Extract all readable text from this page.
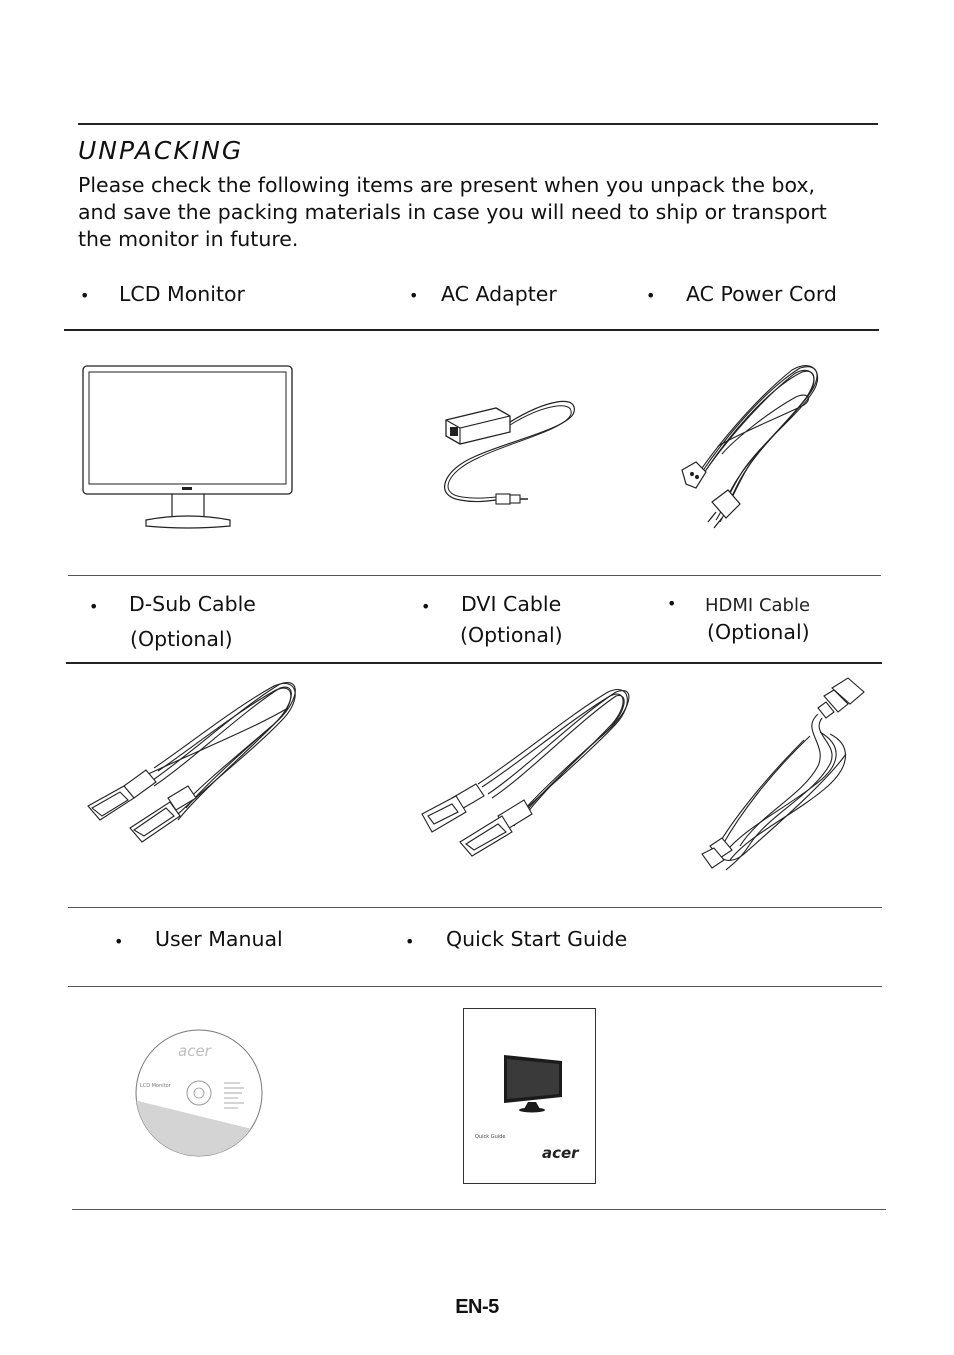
UNPACKING

Please check the following items are present when you unpack the box,

and save the packing materials in case you will need to ship or transport

the monitor in future.

• LCD Monitor	• AC Adapter	• AC Power Cord
• D-Sub Cable
(Optional)
• DVI Cable
(Optional)
• HDMI Cable
(Optional)
• User Manual	• Quick Start Guide
acer
LCD Monitor
Quick Guide
acer
EN-5
